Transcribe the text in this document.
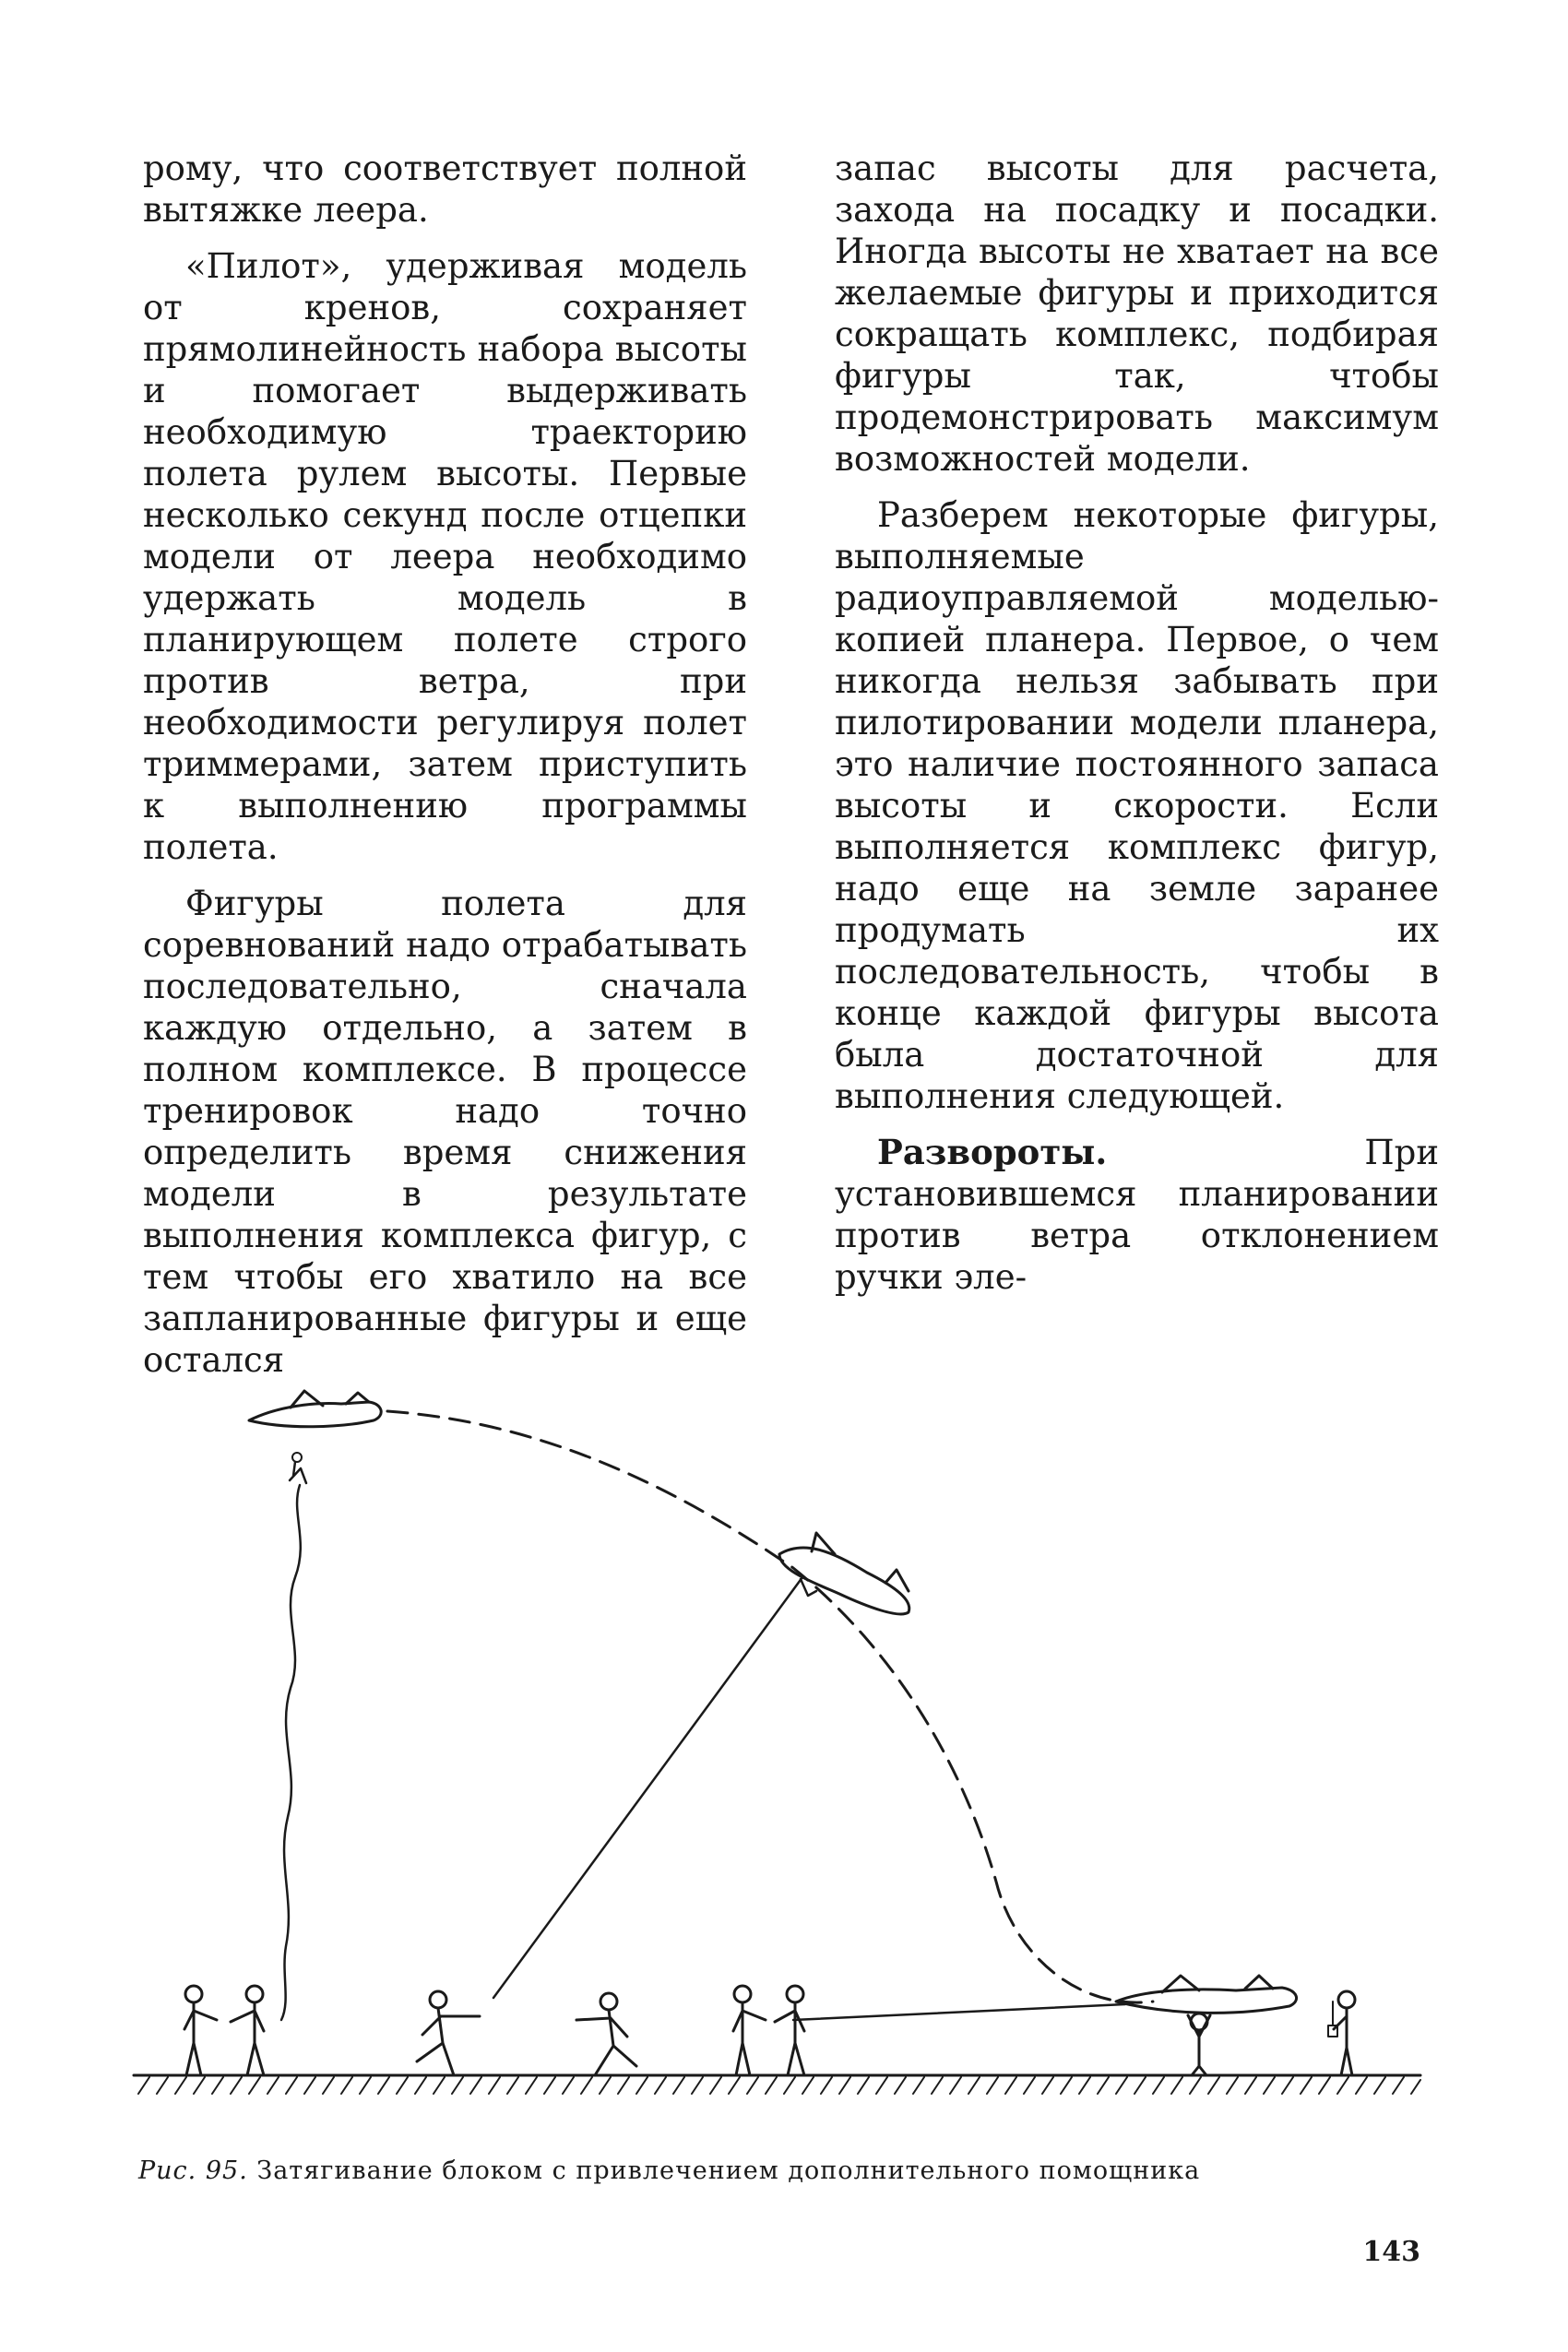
рому, что соответствует полной вытяжке леера.

«Пилот», удерживая модель от кренов, сохраняет прямолинейность набора высоты и помогает выдерживать необходимую траекторию полета рулем высоты. Первые несколько секунд после отцепки модели от леера необходимо удержать модель в планирующем полете строго против ветра, при необходимости регулируя полет триммерами, затем приступить к выполнению программы полета.

Фигуры полета для соревнований надо отрабатывать последовательно, сначала каждую отдельно, а затем в полном комплексе. В процессе тренировок надо точно определить время снижения модели в результате выполнения комплекса фигур, с тем чтобы его хватило на все запланированные фигуры и еще остался

запас высоты для расчета, захода на посадку и посадки. Иногда высоты не хватает на все желаемые фигуры и приходится сокращать комплекс, подбирая фигуры так, чтобы продемонстрировать максимум возможностей модели.

Разберем некоторые фигуры, выполняемые радиоуправляемой моделью-копией планера. Первое, о чем никогда нельзя забывать при пилотировании модели планера, это наличие постоянного запаса высоты и скорости. Если выполняется комплекс фигур, надо еще на земле заранее продумать их последовательность, чтобы в конце каждой фигуры высота была достаточной для выполнения следующей.

Развороты. При установившемся планировании против ветра отклонением ручки эле-

Рис. 95. Затягивание блоком с привлечением дополнительного помощника
143
